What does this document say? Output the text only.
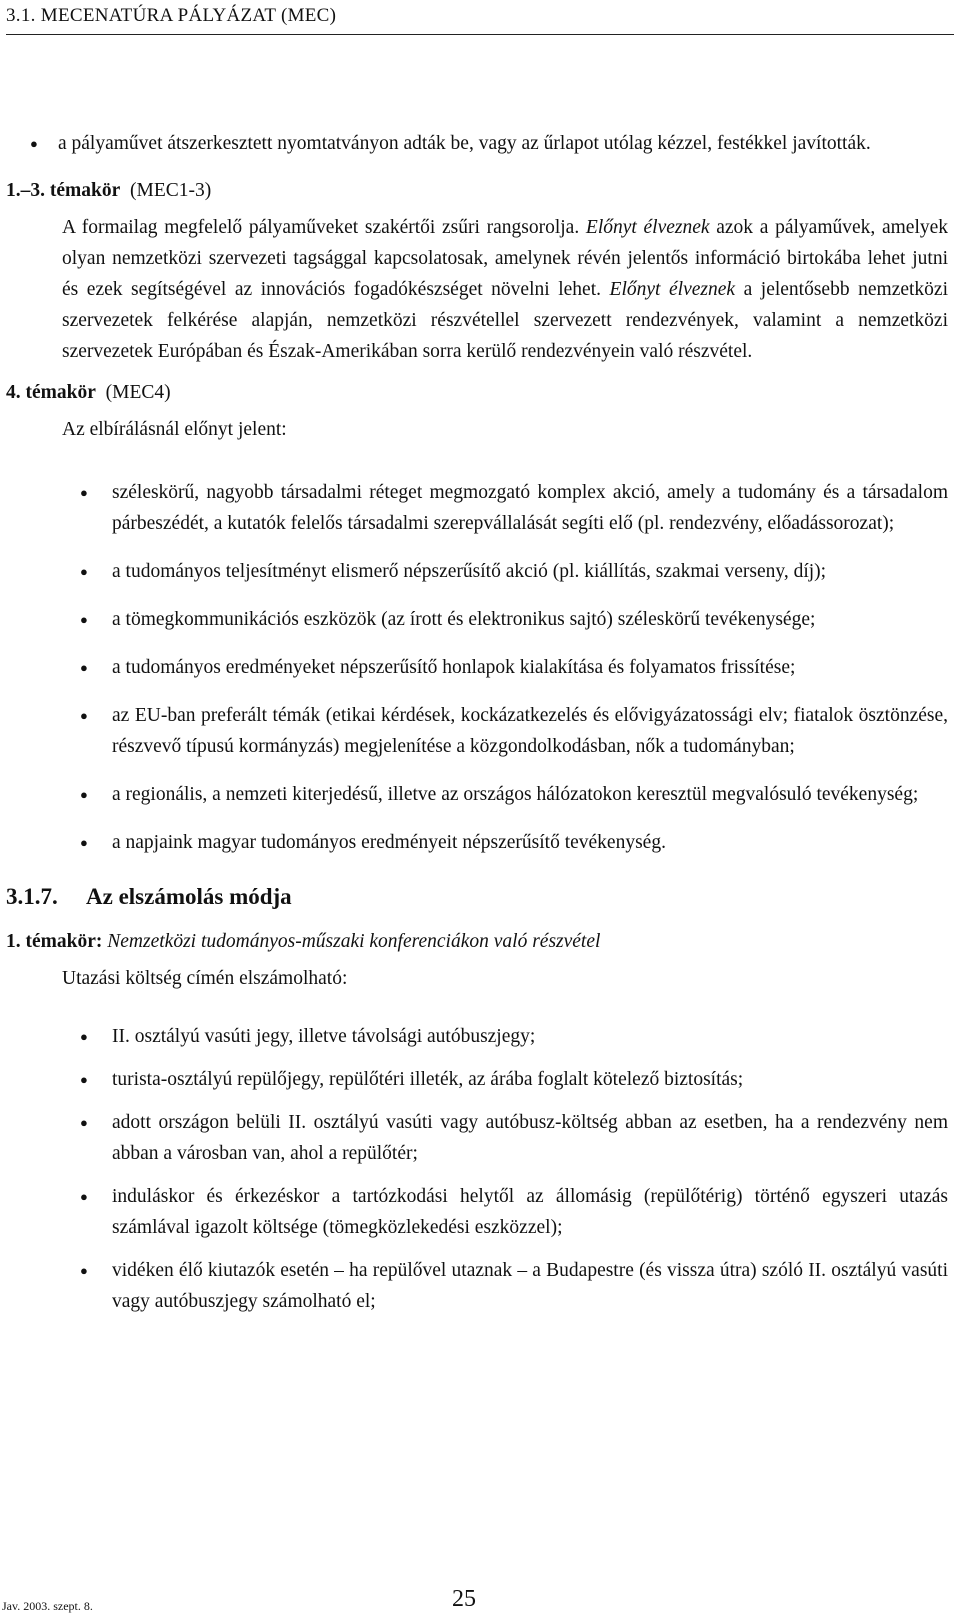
3.1. MECENATÚRA PÁLYÁZAT (MEC)
● a pályaművet átszerkesztett nyomtatványon adták be, vagy az űrlapot utólag kézzel, festékkel javították.
1.–3. témakör (MEC1-3)

A formailag megfelelő pályaműveket szakértői zsűri rangsorolja. Előnyt élveznek azok a pályaművek, amelyek olyan nemzetközi szervezeti tagsággal kapcsolatosak, amelynek révén jelentős információ birtokába lehet jutni és ezek segítségével az innovációs fogadókészséget növelni lehet. Előnyt élveznek a jelentősebb nemzetközi szervezetek felkérése alapján, nemzetközi részvétellel szervezett rendezvények, valamint a nemzetközi szervezetek Európában és Észak-Amerikában sorra kerülő rendezvényein való részvétel.

4. témakör (MEC4)

Az elbírálásnál előnyt jelent:

● széleskörű, nagyobb társadalmi réteget megmozgató komplex akció, amely a tudomány és a társadalom párbeszédét, a kutatók felelős társadalmi szerepvállalását segíti elő (pl. rendezvény, előadássorozat);
● a tudományos teljesítményt elismerő népszerűsítő akció (pl. kiállítás, szakmai verseny, díj);
● a tömegkommunikációs eszközök (az írott és elektronikus sajtó) széleskörű tevékenysége;
● a tudományos eredményeket népszerűsítő honlapok kialakítása és folyamatos frissítése;
● az EU-ban preferált témák (etikai kérdések, kockázatkezelés és elővigyázatossági elv; fiatalok ösztönzése, részvevő típusú kormányzás) megjelenítése a közgondolkodásban, nők a tudományban;
● a regionális, a nemzeti kiterjedésű, illetve az országos hálózatokon keresztül megvalósuló tevékenység;
● a napjaink magyar tudományos eredményeit népszerűsítő tevékenység.
3.1.7. Az elszámolás módja
1. témakör: Nemzetközi tudományos-műszaki konferenciákon való részvétel

Utazási költség címén elszámolható:

● II. osztályú vasúti jegy, illetve távolsági autóbuszjegy;
● turista-osztályú repülőjegy, repülőtéri illeték, az árába foglalt kötelező biztosítás;
● adott országon belüli II. osztályú vasúti vagy autóbusz-költség abban az esetben, ha a rendezvény nem abban a városban van, ahol a repülőtér;
● induláskor és érkezéskor a tartózkodási helytől az állomásig (repülőtérig) történő egyszeri utazás számlával igazolt költsége (tömegközlekedési eszközzel);
● vidéken élő kiutazók esetén – ha repülővel utaznak – a Budapestre (és vissza útra) szóló II. osztályú vasúti vagy autóbuszjegy számolható el;
Jav. 2003. szept. 8.	25
